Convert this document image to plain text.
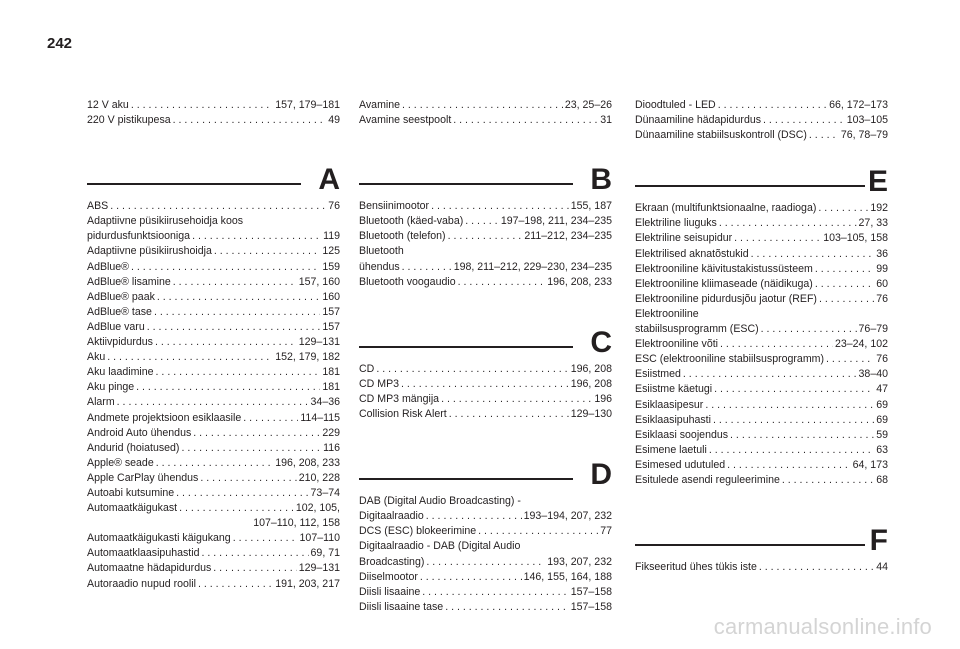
242
12 V aku . . .	157, 179–181
220 V pistikupesa . . .	49
A
ABS . . .	76
Adaptiivne püsikiirusehoidja koos
pidurdusfunktsiooniga . . .	119
Adaptiivne püsikiirushoidja . . .	125
AdBlue® . . .	159
AdBlue® lisamine . . .	157, 160
AdBlue® paak . . .	160
AdBlue® tase . . .	157
AdBlue varu . . .	157
Aktiivpidurdus . . .	129–131
Aku . . .	152, 179, 182
Aku laadimine . . .	181
Aku pinge . . .	181
Alarm . . .	34–36
Andmete projektsioon esiklaasile . . .	114–115
Android Auto ühendus . . .	229
Andurid (hoiatused) . . .	116
Apple® seade . . .	196, 208, 233
Apple CarPlay ühendus . . .	210, 228
Autoabi kutsumine . . .	73–74
Automaatkäigukast . . .	102, 105,
107–110, 112, 158
Automaatkäigukasti käigukang . . .	107–110
Automaatklaasipuhastid . . .	69, 71
Automaatne hädapidurdus . . .	129–131
Autoraadio nupud roolil . . .	191, 203, 217
Avamine . . .	23, 25–26
Avamine seestpoolt . . .	31
B
Bensiinimootor . . .	155, 187
Bluetooth (käed-vaba) . . .	197–198, 211, 234–235
Bluetooth (telefon) . . .	211–212, 234–235
Bluetooth
ühendus . . .	198, 211–212, 229–230, 234–235
Bluetooth voogaudio . . .	196, 208, 233
C
CD . . .	196, 208
CD MP3 . . .	196, 208
CD MP3 mängija . . .	196
Collision Risk Alert . . .	129–130
D
DAB (Digital Audio Broadcasting) -
Digitaalraadio . . .	193–194, 207, 232
DCS (ESC) blokeerimine . . .	77
Digitaalraadio - DAB (Digital Audio
Broadcasting) . . .	193, 207, 232
Diiselmootor . . .	146, 155, 164, 188
Diisli lisaaine . . .	157–158
Diisli lisaaine tase . . .	157–158
Dioodtuled - LED . . .	66, 172–173
Dünaamiline hädapidurdus . . .	103–105
Dünaamiline stabiilsuskontroll (DSC) . . .	76, 78–79
E
Ekraan (multifunktsionaalne, raadioga) . . .	192
Elektriline liuguks . . .	27, 33
Elektriline seisupidur . . .	103–105, 158
Elektrilised aknatõstukid . . .	36
Elektrooniline käivitustakistussüsteem . . .	99
Elektrooniline kliimaseade (näidikuga) . . .	60
Elektrooniline pidurdusjõu jaotur (REF) . . .	76
Elektrooniline
stabiilsusprogramm (ESC) . . .	76–79
Elektrooniline võti . . .	23–24, 102
ESC (elektrooniline stabiilsusprogramm) . . .	76
Esiistmed . . .	38–40
Esiistme käetugi . . .	47
Esiklaasipesur . . .	69
Esiklaasipuhasti . . .	69
Esiklaasi soojendus . . .	59
Esimene laetuli . . .	63
Esimesed udutuled . . .	64, 173
Esitulede asendi reguleerimine . . .	68
F
Fikseeritud ühes tükis iste . . .	44
carmanualsonline.info
